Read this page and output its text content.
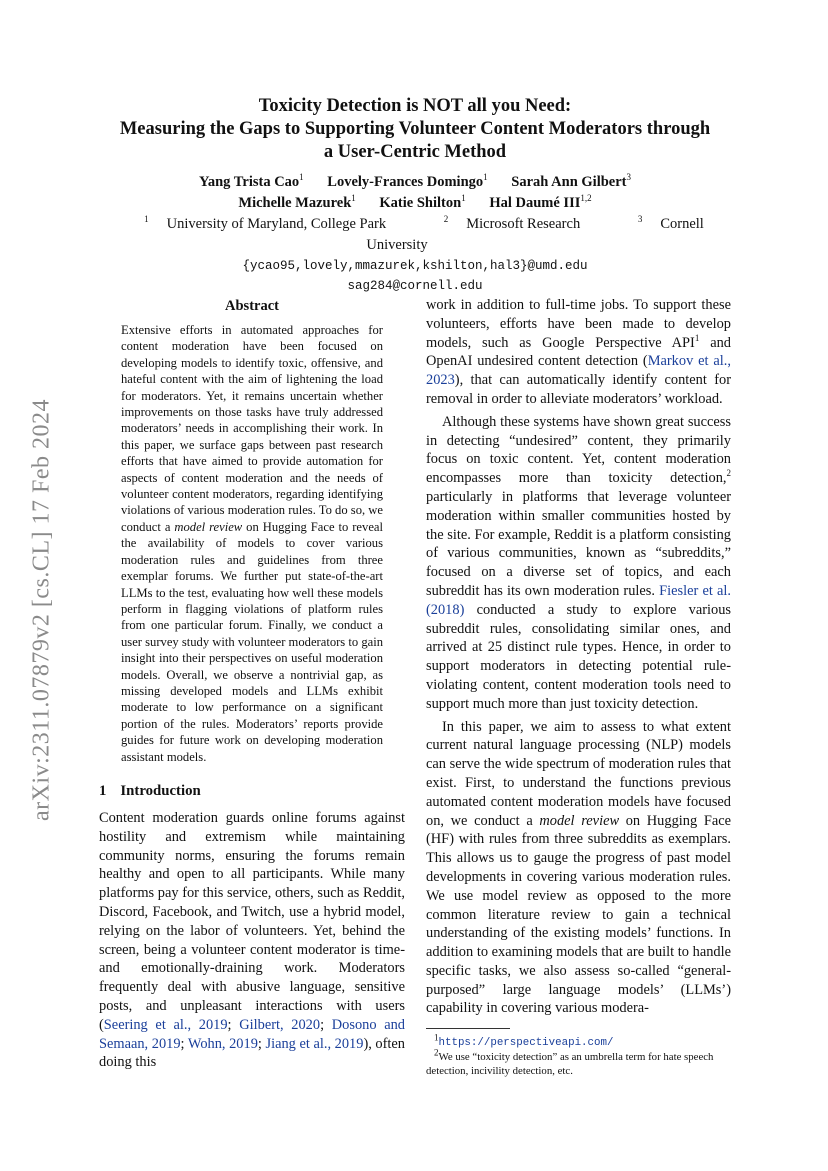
arXiv:2311.07879v2 [cs.CL] 17 Feb 2024
Toxicity Detection is NOT all you Need:
Measuring the Gaps to Supporting Volunteer Content Moderators through
a User-Centric Method
Yang Trista Cao$^1$ Lovely-Frances Domingo$^1$ Sarah Ann Gilbert$^3$
Michelle Mazurek$^1$ Katie Shilton$^1$ Hal Daumé III$^{1,2}$
$^1$ University of Maryland, College Park	$^2$ Microsoft Research	$^3$ Cornell University
{ycao95,lovely,mmazurek,kshilton,hal3}@umd.edu
sag284@cornell.edu
Abstract
Extensive efforts in automated approaches for content moderation have been focused on developing models to identify toxic, offensive, and hateful content with the aim of lightening the load for moderators. Yet, it remains uncertain whether improvements on those tasks have truly addressed moderators’ needs in accomplishing their work. In this paper, we surface gaps between past research efforts that have aimed to provide automation for aspects of content moderation and the needs of volunteer content moderators, regarding identifying violations of various moderation rules. To do so, we conduct a model review on Hugging Face to reveal the availability of models to cover various moderation rules and guidelines from three exemplar forums. We further put state-of-the-art LLMs to the test, evaluating how well these models perform in flagging violations of platform rules from one particular forum. Finally, we conduct a user survey study with volunteer moderators to gain insight into their perspectives on useful moderation models. Overall, we observe a nontrivial gap, as missing developed models and LLMs exhibit moderate to low performance on a significant portion of the rules. Moderators’ reports provide guides for future work on developing moderation assistant models.
1 Introduction

Content moderation guards online forums against hostility and extremism while maintaining community norms, ensuring the forums remain healthy and open to all participants. While many platforms pay for this service, others, such as Reddit, Discord, Facebook, and Twitch, use a hybrid model, relying on the labor of volunteers. Yet, behind the screen, being a volunteer content moderator is time- and emotionally-draining work. Moderators frequently deal with abusive language, sensitive posts, and unpleasant interactions with users (Seering et al., 2019; Gilbert, 2020; Dosono and Semaan, 2019; Wohn, 2019; Jiang et al., 2019), often doing this

work in addition to full-time jobs. To support these volunteers, efforts have been made to develop models, such as Google Perspective API$^1$ and OpenAI undesired content detection (Markov et al., 2023), that can automatically identify content for removal in order to alleviate moderators’ workload.

Although these systems have shown great success in detecting “undesired” content, they primarily focus on toxic content. Yet, content moderation encompasses more than toxicity detection,$^2$ particularly in platforms that leverage volunteer moderation within smaller communities hosted by the site. For example, Reddit is a platform consisting of various communities, known as “subreddits,” focused on a diverse set of topics, and each subreddit has its own moderation rules. Fiesler et al. (2018) conducted a study to explore various subreddit rules, consolidating similar ones, and arrived at 25 distinct rule types. Hence, in order to support moderators in detecting potential rule-violating content, content moderation tools need to support much more than just toxicity detection.

In this paper, we aim to assess to what extent current natural language processing (NLP) models can serve the wide spectrum of moderation rules that exist. First, to understand the functions previous automated content moderation models have focused on, we conduct a model review on Hugging Face (HF) with rules from three subreddits as exemplars. This allows us to gauge the progress of past model developments in covering various moderation rules. We use model review as opposed to the more common literature review to gain a technical understanding of the existing models’ functions. In addition to examining models that are built to handle specific tasks, we also assess so-called “general-purposed” large language models’ (LLMs’) capability in covering various modera-

$^1$https://perspectiveapi.com/

$^2$We use “toxicity detection” as an umbrella term for hate speech detection, incivility detection, etc.
